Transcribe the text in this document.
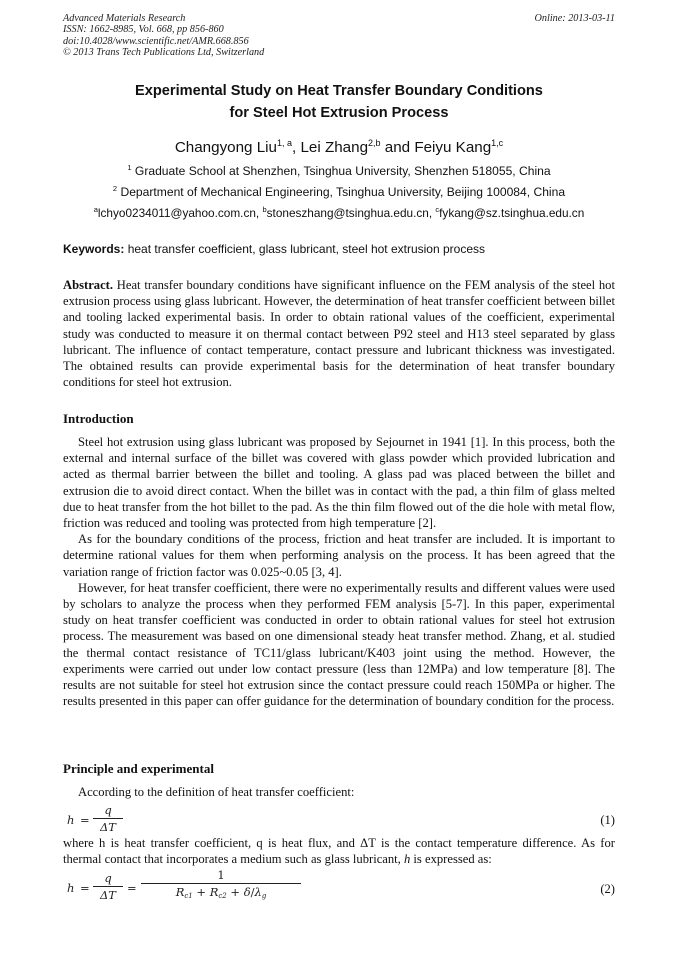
Advanced Materials Research
ISSN: 1662-8985, Vol. 668, pp 856-860
doi:10.4028/www.scientific.net/AMR.668.856
© 2013 Trans Tech Publications Ltd, Switzerland
Online: 2013-03-11
Experimental Study on Heat Transfer Boundary Conditions
for Steel Hot Extrusion Process
Changyong Liu$^{1, a}$, Lei Zhang$^{2,b}$ and Feiyu Kang$^{1,c}$
$^1$ Graduate School at Shenzhen, Tsinghua University, Shenzhen 518055, China
$^2$ Department of Mechanical Engineering, Tsinghua University, Beijing 100084, China
$^a$lchyo0234011@yahoo.com.cn, $^b$stoneszhang@tsinghua.edu.cn, $^c$fykang@sz.tsinghua.edu.cn
Keywords: heat transfer coefficient, glass lubricant, steel hot extrusion process
Abstract. Heat transfer boundary conditions have significant influence on the FEM analysis of the steel hot extrusion process using glass lubricant. However, the determination of heat transfer coefficient between billet and tooling lacked experimental basis. In order to obtain rational values of the coefficient, experimental study was conducted to measure it on thermal contact between P92 steel and H13 steel separated by glass lubricant. The influence of contact temperature, contact pressure and lubricant thickness was investigated. The obtained results can provide experimental basis for the determination of heat transfer boundary conditions for steel hot extrusion.
Introduction

Steel hot extrusion using glass lubricant was proposed by Sejournet in 1941 [1]. In this process, both the external and internal surface of the billet was covered with glass powder which provided lubrication and acted as thermal barrier between the billet and tooling. A glass pad was placed between the billet and extrusion die to avoid direct contact. When the billet was in contact with the pad, a thin film of glass melted due to heat transfer from the hot billet to the pad. As the thin film flowed out of the die hole with metal flow, friction was reduced and tooling was protected from high temperature [2].

As for the boundary conditions of the process, friction and heat transfer are included. It is important to determine rational values for them when performing analysis on the process. It has been agreed that the variation range of friction factor was 0.025~0.05 [3, 4].

However, for heat transfer coefficient, there were no experimentally results and different values were used by scholars to analyze the process when they performed FEM analysis [5-7]. In this paper, experimental study on heat transfer coefficient was conducted in order to obtain rational values for steel hot extrusion process. The measurement was based on one dimensional steady heat transfer method. Zhang, et al. studied the thermal contact resistance of TC11/glass lubricant/K403 joint using the method. However, the experiments were carried out under low contact pressure (less than 12MPa) and low temperature [8]. The results are not suitable for steel hot extrusion since the contact pressure could reach 150MPa or higher. The results presented in this paper can offer guidance for the determination of boundary condition for the process.

Principle and experimental

According to the definition of heat transfer coefficient:

h =
q
ΔT	(1)

where h is heat transfer coefficient, q is heat flux, and ΔT is the contact temperature difference. As for thermal contact that incorporates a medium such as glass lubricant, h is expressed as:

h =
q
ΔT =
1
Rc1 + Rc2 + δ/λg	(2)
